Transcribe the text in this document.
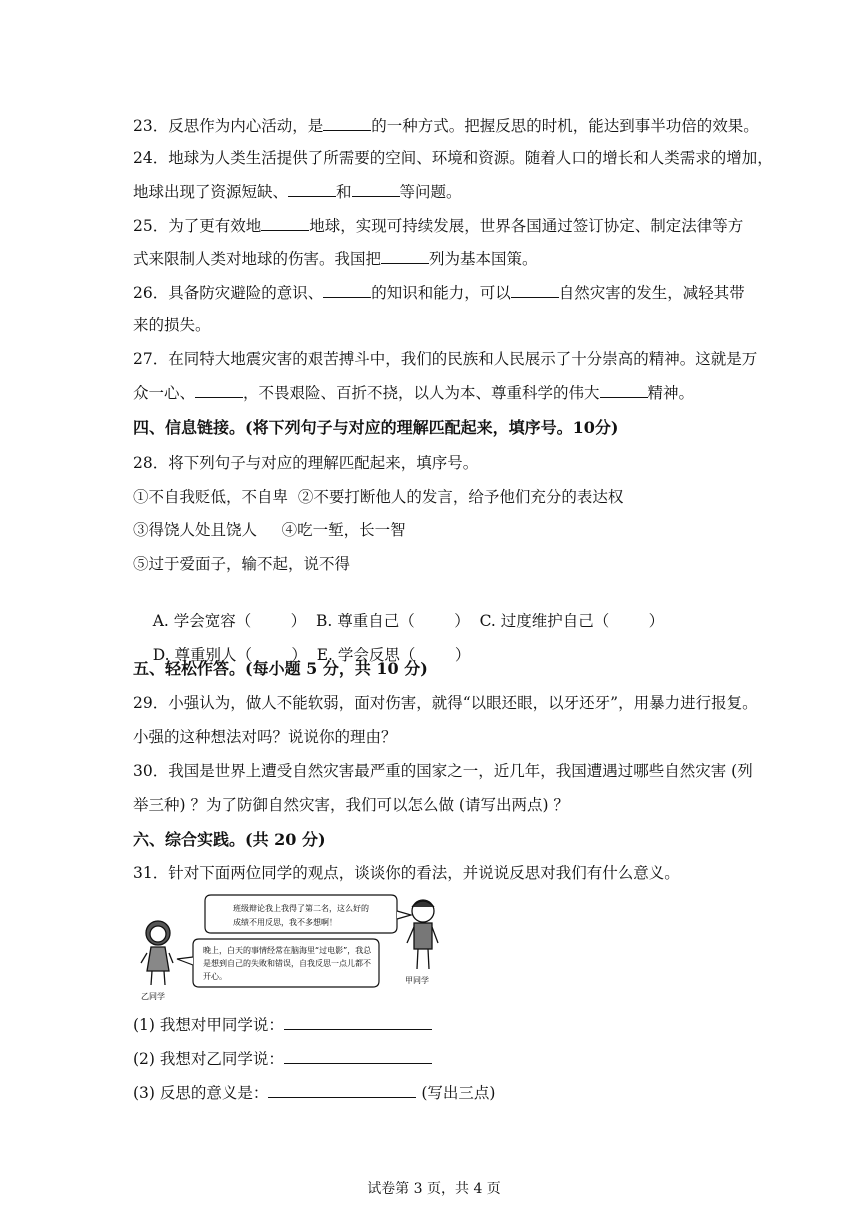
23．反思作为内心活动，是	的一种方式。把握反思的时机，能达到事半功倍的效果。
24．地球为人类生活提供了所需要的空间、环境和资源。随着人口的增长和人类需求的增加，
地球出现了资源短缺、	和	等问题。
25．为了更有效地	地球，实现可持续发展，世界各国通过签订协定、制定法律等方
式来限制人类对地球的伤害。我国把	列为基本国策。
26．具备防灾避险的意识、	的知识和能力，可以	自然灾害的发生，减轻其带
来的损失。
27．在同特大地震灾害的艰苦搏斗中，我们的民族和人民展示了十分崇高的精神。这就是万
众一心、	，不畏艰险、百折不挠，以人为本、尊重科学的伟大	精神。
四、信息链接。(将下列句子与对应的理解匹配起来，填序号。10分)
28．将下列句子与对应的理解匹配起来，填序号。
①不自我贬低，不自卑  ②不要打断他人的发言，给予他们充分的表达权
③得饶人处且饶人     ④吃一堑，长一智
⑤过于爱面子，输不起，说不得

A. 学会宽容（        ） B. 尊重自己（        ） C. 过度维护自己（        ）

D. 尊重别人（        ） E. 学会反思（        ）

五、轻松作答。(每小题 5 分，共 10 分)
29．小强认为，做人不能软弱，面对伤害，就得“以眼还眼，以牙还牙”，用暴力进行报复。
小强的这种想法对吗？说说你的理由？
30．我国是世界上遭受自然灾害最严重的国家之一，近几年，我国遭遇过哪些自然灾害 (列
举三种) ？为了防御自然灾害，我们可以怎么做 (请写出两点) ？
六、综合实践。(共 20 分)
31．针对下面两位同学的观点，谈谈你的看法，并说说反思对我们有什么意义。
乙同学
班级辩论我上我得了第二名，这么好的
成绩不用反思，我不多想啊！
晚上，白天的事情经常在脑海里“过电影”，我总
是想到自己的失败和错误，自我反思一点儿都不
开心。	甲同学
(1) 我想对甲同学说：
(2) 我想对乙同学说：
(3) 反思的意义是：	(写出三点)
试卷第 3 页，共 4 页
